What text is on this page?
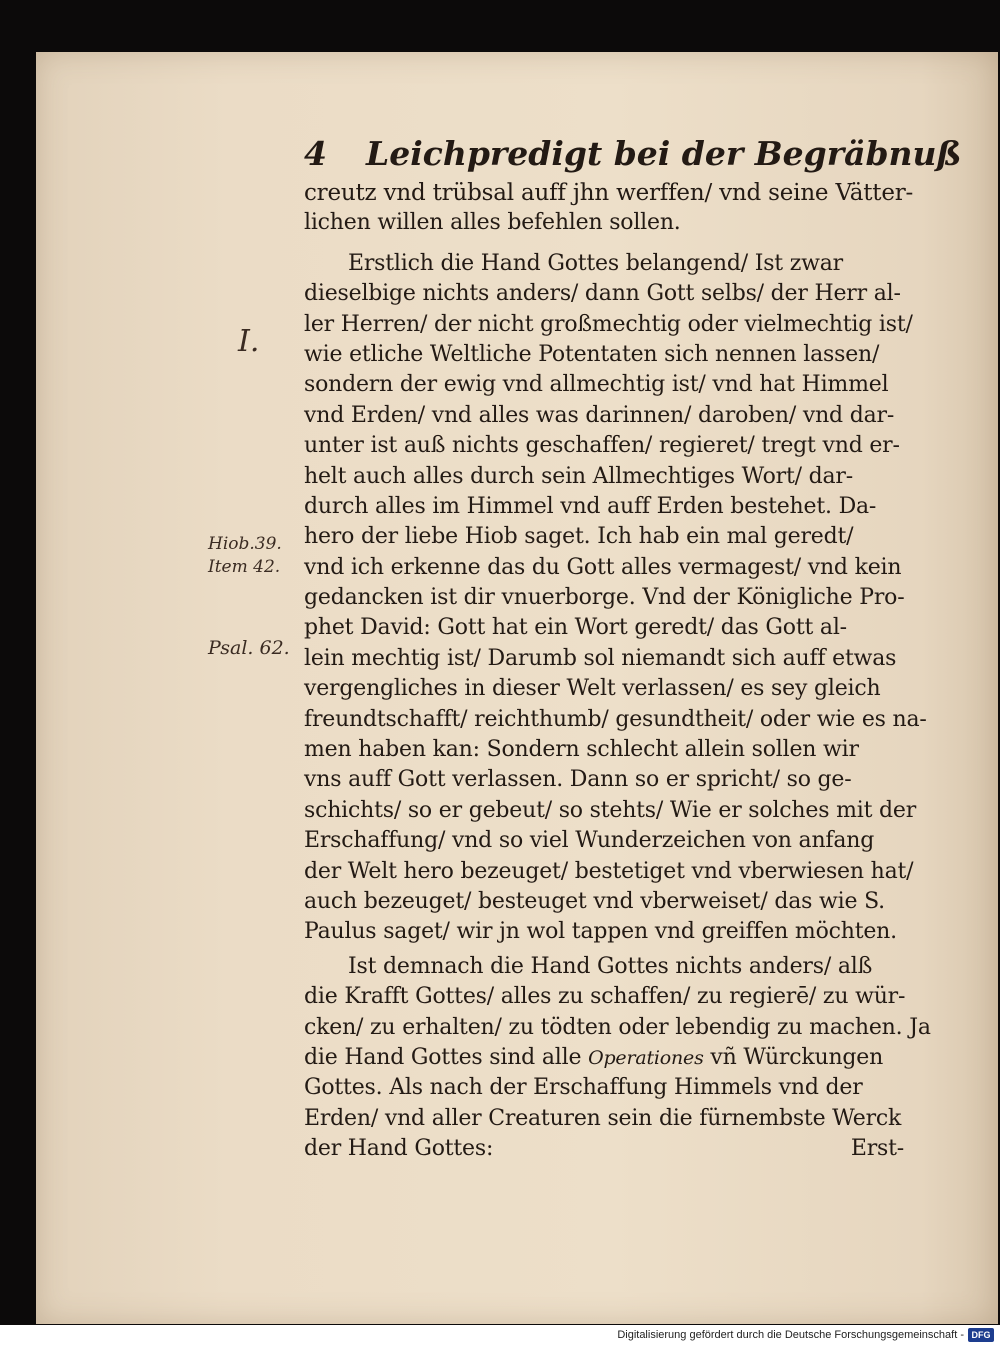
4 Leichpredigt bei der Begräbnuß
I.
Hiob.39.
Item 42.
Psal. 62.
creutz vnd trübsal auff jhn werffen/ vnd seine Vätter-
lichen willen alles befehlen sollen.
Erstlich die Hand Gottes belangend/ Ist zwar
dieselbige nichts anders/ dann Gott selbs/ der Herr al-
ler Herren/ der nicht großmechtig oder vielmechtig ist/
wie etliche Weltliche Potentaten sich nennen lassen/
sondern der ewig vnd allmechtig ist/ vnd hat Himmel
vnd Erden/ vnd alles was darinnen/ daroben/ vnd dar-
unter ist auß nichts geschaffen/ regieret/ tregt vnd er-
helt auch alles durch sein Allmechtiges Wort/ dar-
durch alles im Himmel vnd auff Erden bestehet. Da-
hero der liebe Hiob saget. Ich hab ein mal geredt/
vnd ich erkenne das du Gott alles vermagest/ vnd kein
gedancken ist dir vnuerborge. Vnd der Königliche Pro-
phet David: Gott hat ein Wort geredt/ das Gott al-
lein mechtig ist/ Darumb sol niemandt sich auff etwas
vergengliches in dieser Welt verlassen/ es sey gleich
freundtschafft/ reichthumb/ gesundtheit/ oder wie es na-
men haben kan: Sondern schlecht allein sollen wir
vns auff Gott verlassen. Dann so er spricht/ so ge-
schichts/ so er gebeut/ so stehts/ Wie er solches mit der
Erschaffung/ vnd so viel Wunderzeichen von anfang
der Welt hero bezeuget/ bestetiget vnd vberwiesen hat/
auch bezeuget/ besteuget vnd vberweiset/ das wie S.
Paulus saget/ wir jn wol tappen vnd greiffen möchten.
Ist demnach die Hand Gottes nichts anders/ alß
die Krafft Gottes/ alles zu schaffen/ zu regierē/ zu wür-
cken/ zu erhalten/ zu tödten oder lebendig zu machen. Ja
die Hand Gottes sind alle Operationes vñ Würckungen
Gottes. Als nach der Erschaffung Himmels vnd der
Erden/ vnd aller Creaturen sein die fürnembste Werck
der Hand Gottes:	Erst-
Digitalisierung gefördert durch die Deutsche Forschungsgemeinschaft - DFG
